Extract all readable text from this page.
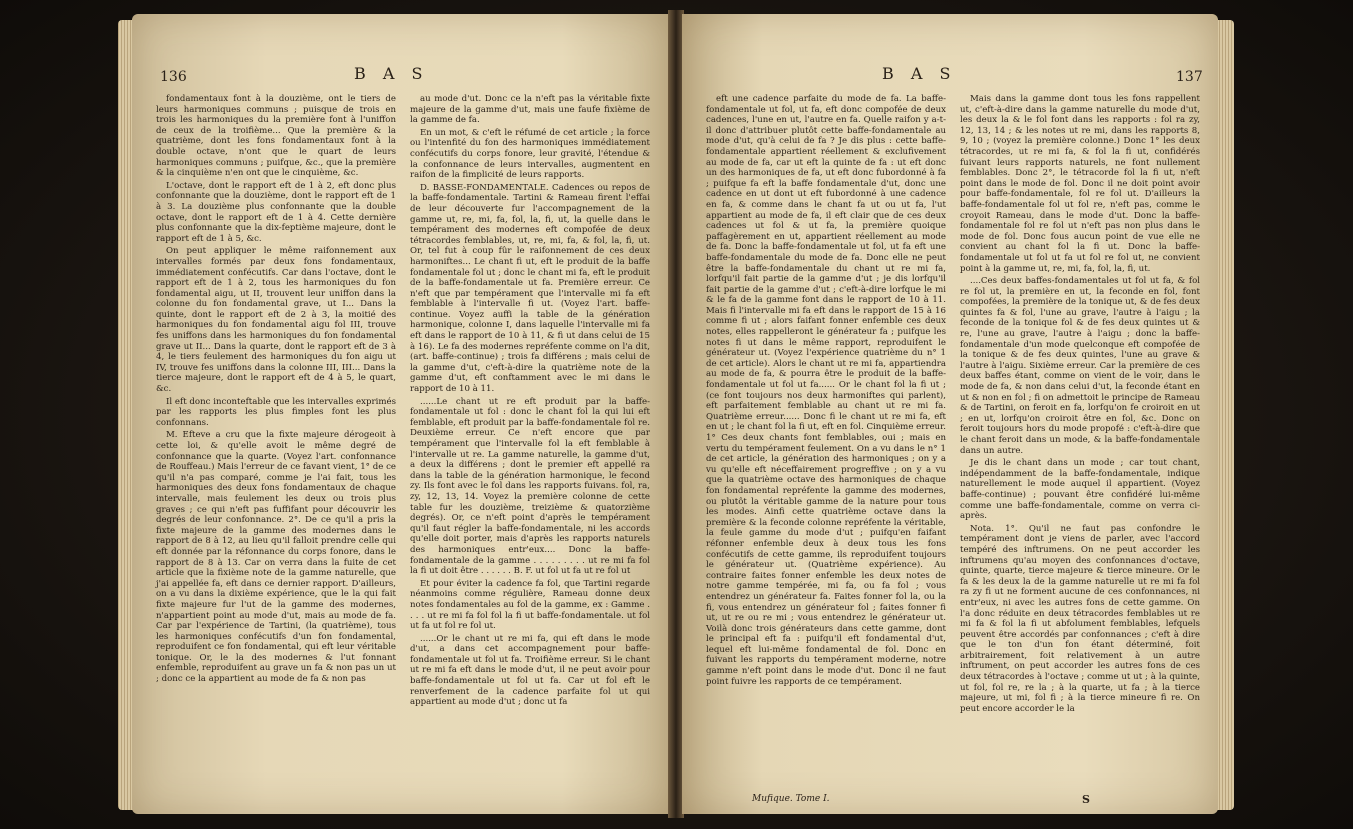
136	B A S

fondamentaux font à la douzième, ont le tiers de leurs harmoniques communs ; puisque de trois en trois les harmoniques du la première font à l'uniffon de ceux de la troifième... Que la première & la quatrième, dont les fons fondamentaux font à la double octave, n'ont que le quart de leurs harmoniques communs ; puifque, &c., que la première & la cinquième n'en ont que le cinquième, &c.

L'octave, dont le rapport eft de 1 à 2, eft donc plus confonnante que la douzième, dont le rapport eft de 1 à 3. La douzième plus confonnante que la double octave, dont le rapport eft de 1 à 4. Cette dernière plus confonnante que la dix-feptième majeure, dont le rapport eft de 1 à 5, &c.

On peut appliquer le même raifonnement aux intervalles formés par deux fons fondamentaux, immédiatement confécutifs. Car dans l'octave, dont le rapport eft de 1 à 2, tous les harmoniques du fon fondamental aigu, ut II, trouvent leur uniffon dans la colonne du fon fondamental grave, ut I... Dans la quinte, dont le rapport eft de 2 à 3, la moitié des harmoniques du fon fondamental aigu fol III, trouve fes uniffons dans les harmoniques du fon fondamental grave ut II... Dans la quarte, dont le rapport eft de 3 à 4, le tiers feulement des harmoniques du fon aigu ut IV, trouve fes uniffons dans la colonne III, III... Dans la tierce majeure, dont le rapport eft de 4 à 5, le quart, &c.

Il eft donc inconteftable que les intervalles exprimés par les rapports les plus fimples font les plus confonnans.

M. Efteve a cru que la fixte majeure dérogeoit à cette loi, & qu'elle avoit le même degré de confonnance que la quarte. (Voyez l'art. confonnance de Rouffeau.) Mais l'erreur de ce favant vient, 1° de ce qu'il n'a pas comparé, comme je l'ai fait, tous les harmoniques des deux fons fondamentaux de chaque intervalle, mais feulement les deux ou trois plus graves ; ce qui n'eft pas fuffifant pour découvrir les degrés de leur confonnance. 2°. De ce qu'il a pris la fixte majeure de la gamme des modernes dans le rapport de 8 à 12, au lieu qu'il falloit prendre celle qui eft donnée par la réfonnance du corps fonore, dans le rapport de 8 à 13. Car on verra dans la fuite de cet article que la fixième note de la gamme naturelle, que j'ai appellée fa, eft dans ce dernier rapport. D'ailleurs, on a vu dans la dixième expérience, que le la qui fait fixte majeure fur l'ut de la gamme des modernes, n'appartient point au mode d'ut, mais au mode de fa. Car par l'expérience de Tartini, (la quatrième), tous les harmoniques confécutifs d'un fon fondamental, reproduifent ce fon fondamental, qui eft leur véritable tonique. Or, le la des modernes & l'ut fonnant enfemble, reproduifent au grave un fa & non pas un ut ; donc ce la appartient au mode de fa & non pas

au mode d'ut. Donc ce la n'eft pas la véritable fixte majeure de la gamme d'ut, mais une faufe fixième de la gamme de fa.

En un mot, & c'eft le réfumé de cet article ; la force ou l'intenfité du fon des harmoniques immédiatement confécutifs du corps fonore, leur gravité, l'étendue & la confonnance de leurs intervalles, augmentent en raifon de la fimplicité de leurs rapports.

D. BASSE-FONDAMENTALE. Cadences ou repos de la baffe-fondamentale. Tartini & Rameau firent l'effai de leur découverte fur l'accompagnement de la gamme ut, re, mi, fa, fol, la, fi, ut, la quelle dans le tempérament des modernes eft compofée de deux tétracordes femblables, ut, re, mi, fa, & fol, la, fi, ut. Or, tel fut à coup fûr le raifonnement de ces deux harmoniftes... Le chant fi ut, eft le produit de la baffe fondamentale fol ut ; donc le chant mi fa, eft le produit de la baffe-fondamentale ut fa. Première erreur. Ce n'eft que par tempérament que l'intervalle mi fa eft femblable à l'intervalle fi ut. (Voyez l'art. baffe-continue. Voyez auffi la table de la génération harmonique, colonne I, dans laquelle l'intervalle mi fa eft dans le rapport de 10 à 11, & fi ut dans celui de 15 à 16). Le fa des modernes repréfente comme on l'a dit, (art. baffe-continue) ; trois fa différens ; mais celui de la gamme d'ut, c'eft-à-dire la quatrième note de la gamme d'ut, eft conftamment avec le mi dans le rapport de 10 à 11.

......Le chant ut re eft produit par la baffe-fondamentale ut fol : donc le chant fol la qui lui eft femblable, eft produit par la baffe-fondamentale fol re. Deuxième erreur. Ce n'eft encore que par tempérament que l'intervalle fol la eft femblable à l'intervalle ut re. La gamme naturelle, la gamme d'ut, a deux la différens ; dont le premier eft appellé ra dans la table de la génération harmonique, le fecond zy. Ils font avec le fol dans les rapports fuivans. fol, ra, zy, 12, 13, 14. Voyez la première colonne de cette table fur les douzième, treizième & quatorzième degrés). Or, ce n'eft point d'après le tempérament qu'il faut régler la baffe-fondamentale, ni les accords qu'elle doit porter, mais d'après les rapports naturels des harmoniques entr'eux.... Donc la baffe-fondamentale de la gamme . . . . . . . . . ut re mi fa fol la fi ut doit être . . . . . . B. F. ut fol ut fa ut re fol ut

Et pour éviter la cadence fa fol, que Tartini regarde néanmoins comme régulière, Rameau donne deux notes fondamentales au fol de la gamme, ex : Gamme . . . . ut re mi fa fol fol la fi ut baffe-fondamentale. ut fol ut fa ut fol re fol ut.

......Or le chant ut re mi fa, qui eft dans le mode d'ut, a dans cet accompagnement pour baffe-fondamentale ut fol ut fa. Troifième erreur. Si le chant ut re mi fa eft dans le mode d'ut, il ne peut avoir pour baffe-fondamentale ut fol ut fa. Car ut fol eft le renverfement de la cadence parfaite fol ut qui appartient au mode d'ut ; donc ut fa

B A S	137

eft une cadence parfaite du mode de fa. La baffe-fondamentale ut fol, ut fa, eft donc compofée de deux cadences, l'une en ut, l'autre en fa. Quelle raifon y a-t-il donc d'attribuer plutôt cette baffe-fondamentale au mode d'ut, qu'à celui de fa ? Je dis plus : cette baffe-fondamentale appartient réellement & exclufivement au mode de fa, car ut eft la quinte de fa : ut eft donc un des harmoniques de fa, ut eft donc fubordonné à fa ; puifque fa eft la baffe fondamentale d'ut, donc une cadence en ut dont ut eft fubordonné à une cadence en fa, & comme dans le chant fa ut ou ut fa, l'ut appartient au mode de fa, il eft clair que de ces deux cadences ut fol & ut fa, la première quoique paffagèrement en ut, appartient réellement au mode de fa. Donc la baffe-fondamentale ut fol, ut fa eft une baffe-fondamentale du mode de fa. Donc elle ne peut être la baffe-fondamentale du chant ut re mi fa, lorfqu'il fait partie de la gamme d'ut ; je dis lorfqu'il fait partie de la gamme d'ut ; c'eft-à-dire lorfque le mi & le fa de la gamme font dans le rapport de 10 à 11. Mais fi l'intervalle mi fa eft dans le rapport de 15 à 16 comme fi ut ; alors faifant fonner enfemble ces deux notes, elles rappelleront le générateur fa ; puifque les notes fi ut dans le même rapport, reproduifent le générateur ut. (Voyez l'expérience quatrième du n° 1 de cet article). Alors le chant ut re mi fa, appartiendra au mode de fa, & pourra être le produit de la baffe-fondamentale ut fol ut fa...... Or le chant fol la fi ut ; (ce font toujours nos deux harmoniftes qui parlent), eft parfaitement femblable au chant ut re mi fa. Quatrième erreur...... Donc fi le chant ut re mi fa, eft en ut ; le chant fol la fi ut, eft en fol. Cinquième erreur. 1° Ces deux chants font femblables, oui ; mais en vertu du tempérament feulement. On a vu dans le n° 1 de cet article, la génération des harmoniques ; on y a vu qu'elle eft néceffairement progreffive ; on y a vu que la quatrième octave des harmoniques de chaque fon fondamental repréfente la gamme des modernes, ou plutôt la véritable gamme de la nature pour tous les modes. Ainfi cette quatrième octave dans la première & la feconde colonne repréfente la véritable, la feule gamme du mode d'ut ; puifqu'en faifant réfonner enfemble deux à deux tous les fons confécutifs de cette gamme, ils reproduifent toujours le générateur ut. (Quatrième expérience). Au contraire faites fonner enfemble les deux notes de notre gamme tempérée, mi fa, ou fa fol ; vous entendrez un générateur fa. Faites fonner fol la, ou la fi, vous entendrez un générateur fol ; faites fonner fi ut, ut re ou re mi ; vous entendrez le générateur ut. Voilà donc trois générateurs dans cette gamme, dont le principal eft fa : puifqu'il eft fondamental d'ut, lequel eft lui-même fondamental de fol. Donc en fuivant les rapports du tempérament moderne, notre gamme n'eft point dans le mode d'ut. Donc il ne faut point fuivre les rapports de ce tempérament.

Mais dans la gamme dont tous les fons rappellent ut, c'eft-à-dire dans la gamme naturelle du mode d'ut, les deux la & le fol font dans les rapports : fol ra zy, 12, 13, 14 ; & les notes ut re mi, dans les rapports 8, 9, 10 ; (voyez la première colonne.) Donc 1° les deux tétracordes, ut re mi fa, & fol la fi ut, confidérés fuivant leurs rapports naturels, ne font nullement femblables. Donc 2°, le tétracorde fol la fi ut, n'eft point dans le mode de fol. Donc il ne doit point avoir pour baffe-fondamentale, fol re fol ut. D'ailleurs la baffe-fondamentale fol ut fol re, n'eft pas, comme le croyoit Rameau, dans le mode d'ut. Donc la baffe-fondamentale fol re fol ut n'eft pas non plus dans le mode de fol. Donc fous aucun point de vue elle ne convient au chant fol la fi ut. Donc la baffe-fondamentale ut fol ut fa ut fol re fol ut, ne convient point à la gamme ut, re, mi, fa, fol, la, fi, ut.

....Ces deux baffes-fondamentales ut fol ut fa, & fol re fol ut, la première en ut, la feconde en fol, font compofées, la première de la tonique ut, & de fes deux quintes fa & fol, l'une au grave, l'autre à l'aigu ; la feconde de la tonique fol & de fes deux quintes ut & re, l'une au grave, l'autre à l'aigu ; donc la baffe-fondamentale d'un mode quelconque eft compofée de la tonique & de fes deux quintes, l'une au grave & l'autre à l'aigu. Sixième erreur. Car la première de ces deux baffes étant, comme on vient de le voir, dans le mode de fa, & non dans celui d'ut, la feconde étant en ut & non en fol ; fi on admettoit le principe de Rameau & de Tartini, on feroit en fa, lorfqu'on fe croiroit en ut ; en ut, lorfqu'on croiroit être en fol, &c. Donc on feroit toujours hors du mode propofé : c'eft-à-dire que le chant feroit dans un mode, & la baffe-fondamentale dans un autre.

Je dis le chant dans un mode ; car tout chant, indépendamment de la baffe-fondamentale, indique naturellement le mode auquel il appartient. (Voyez baffe-continue) ; pouvant être confidéré lui-même comme une baffe-fondamentale, comme on verra ci-après.

Nota. 1°. Qu'il ne faut pas confondre le tempérament dont je viens de parler, avec l'accord tempéré des inftrumens. On ne peut accorder les inftrumens qu'au moyen des confonnances d'octave, quinte, quarte, tierce majeure & tierce mineure. Or le fa & les deux la de la gamme naturelle ut re mi fa fol ra zy fi ut ne forment aucune de ces confonnances, ni entr'eux, ni avec les autres fons de cette gamme. On l'a donc réduite en deux tétracordes femblables ut re mi fa & fol la fi ut abfolument femblables, lefquels peuvent être accordés par confonnances ; c'eft à dire que le ton d'un fon étant déterminé, foit arbitrairement, foit relativement à un autre inftrument, on peut accorder les autres fons de ces deux tétracordes à l'octave ; comme ut ut ; à la quinte, ut fol, fol re, re la ; à la quarte, ut fa ; à la tierce majeure, ut mi, fol fi ; à la tierce mineure fi re. On peut encore accorder le la

Mufique. Tome I.	S
